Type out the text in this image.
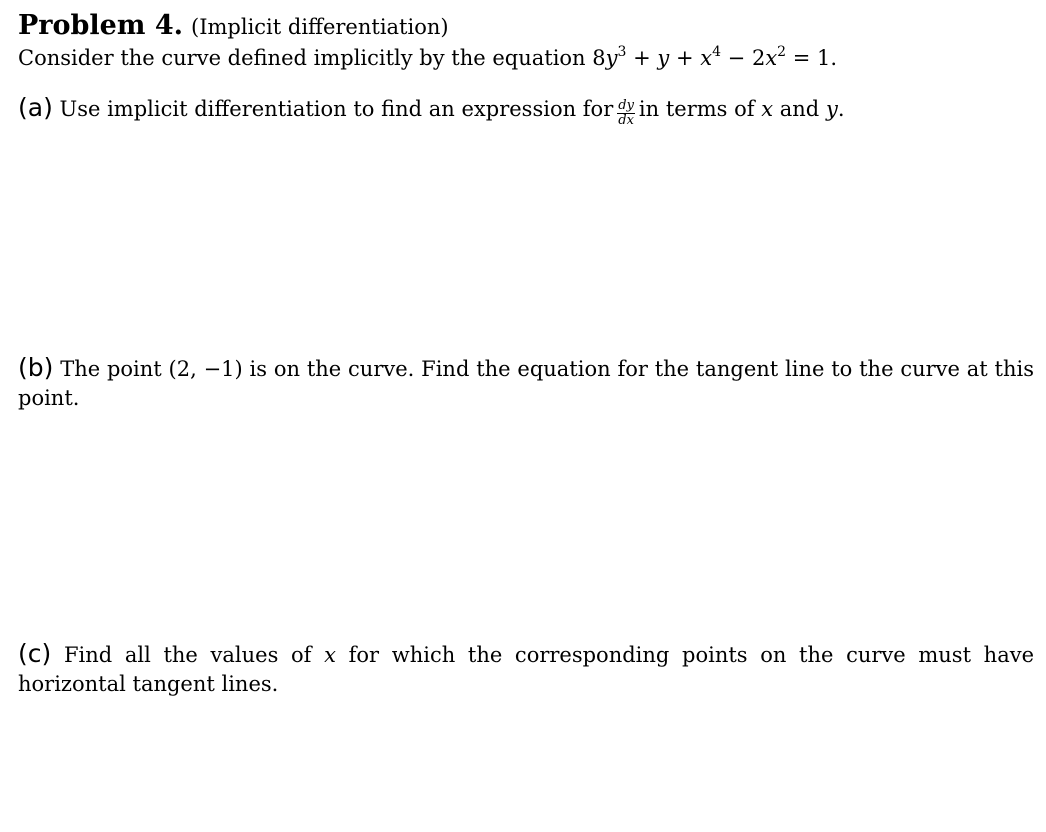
Problem 4. (Implicit differentiation)
Consider the curve defined implicitly by the equation $8y^3 + y + x^4 - 2x^2 = 1$.
(a) Use implicit differentiation to find an expression for $\frac{dy}{dx}$ in terms of x and y.
(b) The point (2, −1) is on the curve. Find the equation for the tangent line to the curve at this point.
(c) Find all the values of x for which the corresponding points on the curve must have horizontal tangent lines.
